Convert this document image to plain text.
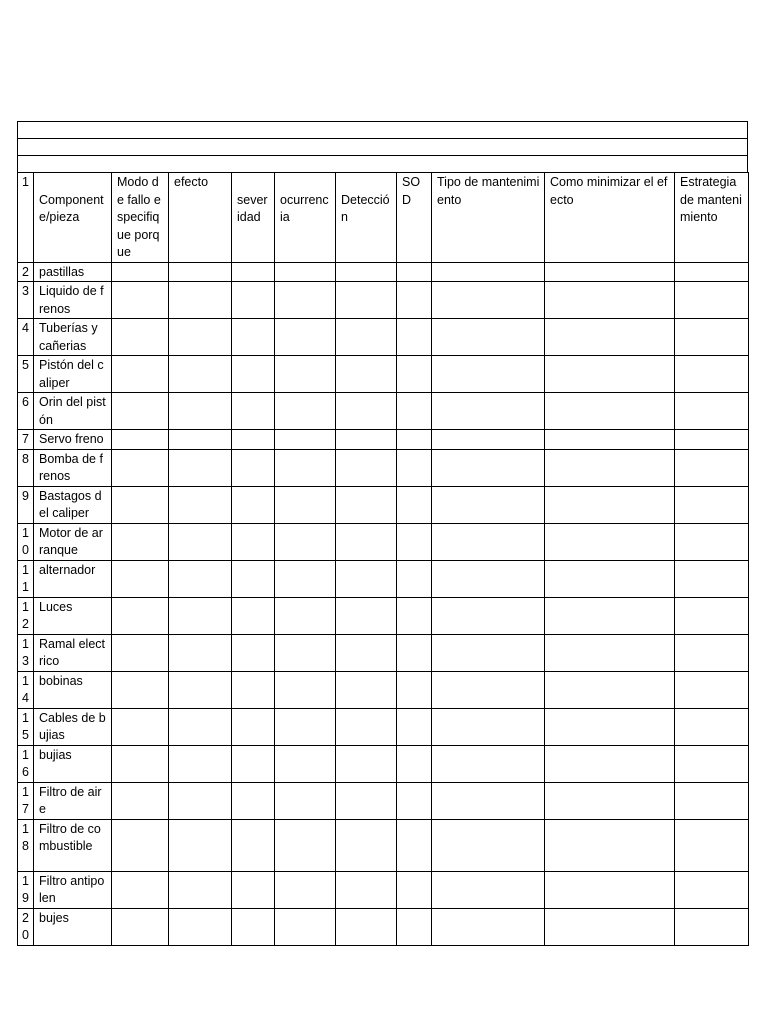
1	Componente/pieza	Modo de fallo especifique porque	efecto	severidad	ocurrencia	Detección	SOD	Tipo de mantenimiento	Como minimizar el efecto	Estrategia de mantenimiento
2	pastillas									
3	Liquido de frenos									
4	Tuberías y cañerias									
5	Pistón del caliper									
6	Orin del pistón									
7	Servo freno									
8	Bomba de frenos									
9	Bastagos del caliper									
10	Motor de arranque									
11	alternador									
12	Luces									
13	Ramal electrico									
14	bobinas									
15	Cables de bujias									
16	bujias									
17	Filtro de aire									
18	Filtro de combustible									
19	Filtro antipolen									
20	bujes									
